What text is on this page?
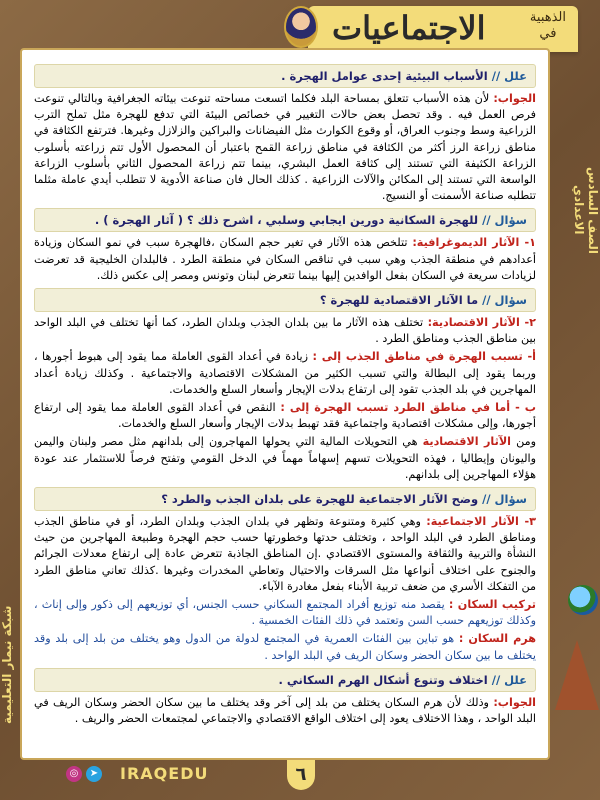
الاجتماعيات	الذهبية
في
الصف السادس الاعدادي
شبكة نيمار التعليمية
علل // الأسباب البيئية إحدى عوامل الهجرة .

الجواب: لأن هذه الأسباب تتعلق بمساحة البلد فكلما اتسعت مساحته تنوعت بيئاته الجغرافية وبالتالي تنوعت فرص العمل فيه . وقد تحصل بعض حالات التغيير في خصائص البيئة التي تدفع للهجرة مثل تملح الترب الزراعية وسط وجنوب العراق، أو وقوع الكوارث مثل الفيضانات والبراكين والزلازل وغيرها. فترتفع الكثافة في مناطق زراعة الرز أكثر من الكثافة في مناطق زراعة القمح باعتبار أن المحصول الأول تتم زراعته بأسلوب الزراعة الكثيفة التي تستند إلى كثافة العمل البشري، بينما تتم زراعة المحصول الثاني بأسلوب الزراعة الواسعة التي تستند إلى المكائن والآلات الزراعية . كذلك الحال فان صناعة الأدوية لا تتطلب أيدي عاملة مثلما تتطلبه صناعة الأسمنت أو النسيج.

سؤال // للهجرة السكانية دورين ايجابي وسلبي ، اشرح ذلك ؟ ( آثار الهجرة ) .

١- الآثار الديموغرافية: تتلخص هذه الآثار في تغير حجم السكان ،فالهجرة سبب في نمو السكان وزيادة أعدادهم في منطقة الجذب وهي سبب في تناقص السكان في منطقة الطرد . فالبلدان الخليجية قد تعرضت لزيادات سريعة في السكان بفعل الوافدين إليها بينما تتعرض لبنان وتونس ومصر إلى عكس ذلك.

سؤال // ما الآثار الاقتصادية للهجرة ؟

٢- الآثار الاقتصادية: تختلف هذه الآثار ما بين بلدان الجذب وبلدان الطرد، كما أنها تختلف في البلد الواحد بين مناطق الجذب ومناطق الطرد .

أ- تسبب الهجرة في مناطق الجذب إلى : زيادة في أعداد القوى العاملة مما يقود إلى هبوط أجورها ، وربما يقود إلى البطالة والتي تسبب الكثير من المشكلات الاقتصادية والاجتماعية . وكذلك زيادة أعداد المهاجرين في بلد الجذب تقود إلى ارتفاع بدلات الإيجار وأسعار السلع والخدمات.

ب - أما في مناطق الطرد تسبب الهجرة إلى : النقص في أعداد القوى العاملة مما يقود إلى ارتفاع أجورها، وإلى مشكلات اقتصادية واجتماعية فقد تهبط بدلات الإيجار وأسعار السلع والخدمات.

ومن الآثار الاقتصادية هي التحويلات المالية التي يحولها المهاجرون إلى بلدانهم مثل مصر ولبنان واليمن واليونان وإيطاليا ، فهذه التحويلات تسهم إسهاماً مهماً في الدخل القومي وتفتح فرصاً للاستثمار عند عودة هؤلاء المهاجرين إلى بلدانهم.

سؤال // وضح الآثار الاجتماعية للهجرة على بلدان الجذب والطرد ؟

٣- الآثار الاجتماعية: وهي كثيرة ومتنوعة وتظهر في بلدان الجذب وبلدان الطرد، أو في مناطق الجذب ومناطق الطرد في البلد الواحد ، وتختلف حدتها وخطورتها حسب حجم الهجرة وطبيعة المهاجرين من حيث النشأة والتربية والثقافة والمستوى الاقتصادي .إن المناطق الجاذبة تتعرض عادة إلى ارتفاع معدلات الجرائم والجنوح على اختلاف أنواعها مثل السرقات والاحتيال وتعاطي المخدرات وغيرها .كذلك تعاني مناطق الطرد من التفكك الأسري من ضعف تربية الأبناء بفعل مغادرة الآباء.

تركيب السكان : يقصد منه توزيع أفراد المجتمع السكاني حسب الجنس، أي توزيعهم إلى ذكور وإلى إناث ، وكذلك توزيعهم حسب السن وتعتمد في ذلك الفئات الخمسية .

هرم السكان : هو تباين بين الفئات العمرية في المجتمع لدولة من الدول وهو يختلف من بلد إلى بلد وقد يختلف ما بين سكان الحضر وسكان الريف في البلد الواحد .

علل // اختلاف وتنوع أشكال الهرم السكاني .

الجواب: وذلك لأن هرم السكان يختلف من بلد إلى آخر وقد يختلف ما بين سكان الحضر وسكان الريف في البلد الواحد ، وهذا الاختلاف يعود إلى اختلاف الواقع الاقتصادي والاجتماعي لمجتمعات الحضر والريف .

◎	➤ IRAQEDU	٦
